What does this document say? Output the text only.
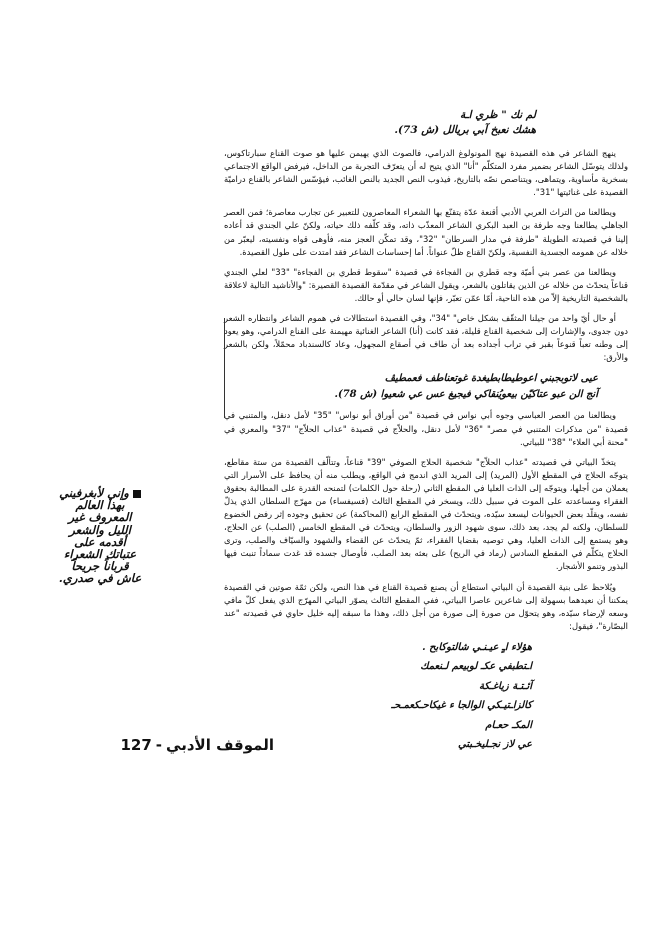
لم نك " ظري اـة
هشك نعبخ آبي بريالل (ش 73).

ينهج الشاعر في هذه القصيدة نهج المونولوغ الدرامي، فالصوت الذي يهيمن عليها هو صوت القناع سبارتاكوس، ولذلك يتوسّل الشاعر بضمير مفرد المتكلّم "أنا" الذي يتيح له أن يتعرّف التجربة من الداخل، فيرفض الواقع الاجتماعي بسخرية مأساوية، ويتماهى، ويتناصص نصّه بالتاريخ، فيذوب النص الجديد بالنص الغائب، فيؤسّس الشاعر بالقناع دراميّة القصيدة على غنائيتها "31".

ويطالعنا من التراث العربي الأدبي أقنعة عدّة يتقنّع بها الشعراء المعاصرون للتعبير عن تجارب معاصرة؛ فمن العصر الجاهلي يطالعنا وجه طرفة بن العبد البكري الشاعر المعذّب ذاته، وقد كلّفه ذلك حياته، ولكنّ علي الجندي قد أعاده إلينا في قصيدته الطويلة "طرفة في مدار السرطان" "32"، وقد تمكّن العجز منه، فأوهى قواه ونفسيته، ليعبّر من خلاله عن همومه الجسدية النفسية، ولكنّ القناع ظلّ عنواناً. أما إحساسات الشاعر فقد امتدت على طول القصيدة.

ويطالعنا من عصر بني أميّة وجه قطري بن الفجاءة في قصيدة "سقوط قطري بن الفجاءة" "33" لعلي الجندي قناعاً يتحدّث من خلاله عن الذين يقاتلون بالشعر، ويقول الشاعر في مقدّمة القصيدة القصيرة: "والأناشيد التالية لاعلاقة بالشخصية التاريخية إلاّ من هذه الناحية، أمّا عمّن تعبّر، فإنها لسان حالي أو حالك.

أو حال أيّ واحد من جيلنا المثقّف بشكل خاص" "34"، وفي القصيدة استطالات في هموم الشاعر وانتظاره الشعر دون جدوى، والإشارات إلى شخصية القناع قليلة، فقد كانت (أنا) الشاعر الغنائية مهيمنة على القناع الدرامي، وهو يعود إلى وطنه تعباً قنوعاً بقبر في تراب أجداده بعد أن طاف في أصقاع المجهول، وعاد كالسندباد محمّلاً، ولكن بالشعر والأرق:

عيى لاتوبجبني اعوطيطابطيغدة غوتعناطف فعمطيڤ
آنج الن عبو عتاكيّن بيعويُنقاكي فيجيغ عس عي شعيوا (ش 78).

ويطالعنا من العصر العباسي وجوه أبي نواس في قصيدة "من أوراق أبو نواس" "35" لأمل دنقل، والمتنبي في قصيدة "من مذكرات المتنبي في مصر" "36" لأمل دنقل، والحلاّج في قصيدة "عذاب الحلاّج" "37" والمعري في "محنة أبي العلاء" "38" للبياتي.

يتخذّ البياتي في قصيدته "عذاب الحلاّج" شخصية الحلاج الصوفي "39" قناعاً، وتتألّف القصيدة من ستة مقاطع، يتوجّه الحلاج في المقطع الأول (المريد) إلى المريد الذي اندمج في الواقع، ويطلب منه أن يحافظ على الأسرار التي يعملان من أجلها، ويتوجّه إلى الذات العليا في المقطع الثاني (رحلة حول الكلمات) لتمنحه القدرة على المطالبة بحقوق الفقراء ومساعدته على الموت في سبيل ذلك، ويسخر في المقطع الثالث (فسيفساء) من مهرّج السلطان الذي يذلّ نفسه، ويقلّد بعض الحيوانات ليسعد سيّده، ويتحدّث في المقطع الرابع (المحاكمة) عن تحقيق وجوده إثر رفض الخضوع للسلطان، ولكنه لم يجد، بعد ذلك، سوى شهود الزور والسلطان، ويتحدّث في المقطع الخامس (الصلب) عن الحلاج، وهو يستمع إلى الذات العليا، وهي توصيه بقضايا الفقراء، ثمّ يتحدّث عن القضاء والشهود والسيّاف والصلب، وترى الحلاج يتكلّم في المقطع السادس (رماد في الريح) على بعثه بعد الصلب، فأوصال جسده قد غدت سماداً تنبت فيها البذور وتنمو الأشجار.

ويُلاحظ على بنية القصيدة أن البياتي استطاع أن يصنع قصيدة القناع في هذا النص، ولكن ثمّة صوتين في القصيدة يمكننا أن نعيدهما بسهولة إلى شاعرين عاصرا البياتي، ففي المقطع الثالث يصوّر البياتي المهرّج الذي يفعل كلّ مافي وسعه لإرضاء سيّده، وهو يتحوّل من صورة إلى صورة من أجل ذلك، وهذا ما سبقه إليه خليل حاوي في قصيدته "عند البصّارة"، فيقول:

هؤلاء اـٍ عيـنـي شالتوكابح .
اـتطبفي عكـ لوبيعم لـنعمك
آئـتـة زياغـكة
كالزاـتيـكي الوالجا ء غيكاحـكعمـحـ
المكـ حعـام
عي لاز نجـليخـبتي
وإني لأبغرفيني بهذا العالم المعروف غير الليل والشعر أقدمه على عتباتك الشعراء قرباناً جريحاً عاش في صدري.
الموقف الأدبي-127
